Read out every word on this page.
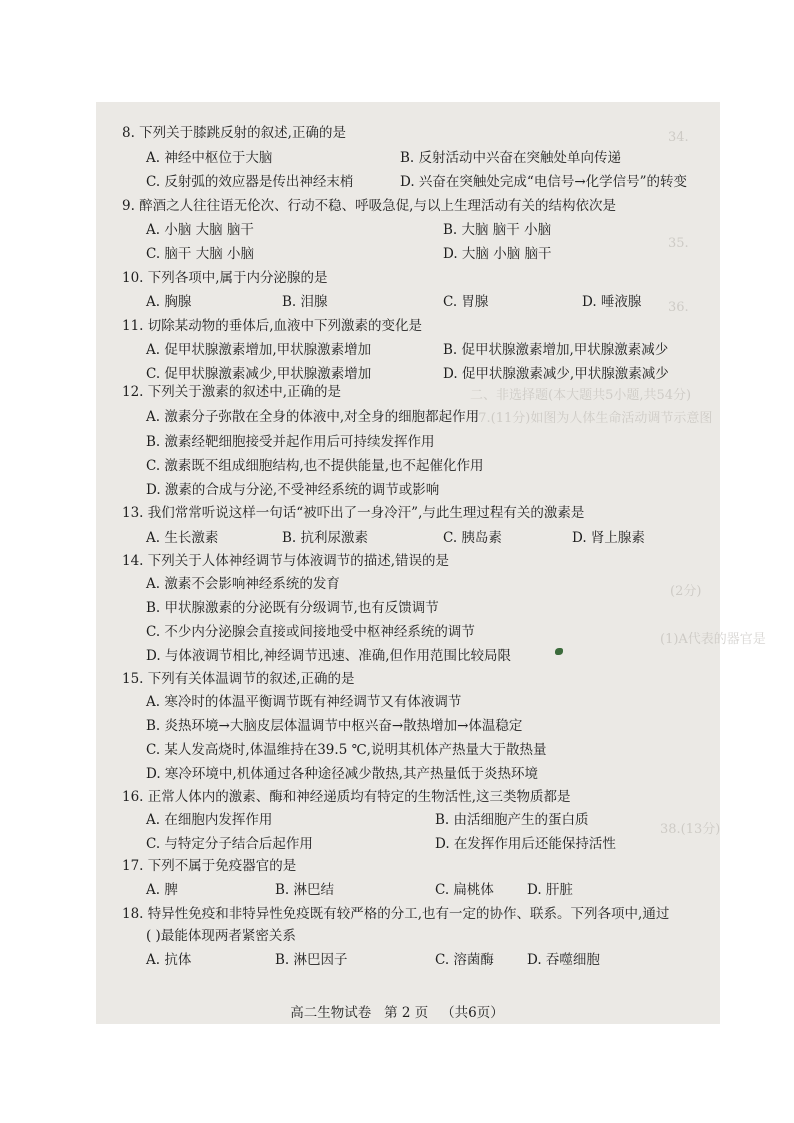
34.
35.
36.
二、非选择题(本大题共5小题,共54分)
37.(11分)如图为人体生命活动调节示意图
(2分)
(1)A代表的器官是
38.(13分)
8. 下列关于膝跳反射的叙述,正确的是
A. 神经中枢位于大脑	B. 反射活动中兴奋在突触处单向传递
C. 反射弧的效应器是传出神经末梢	D. 兴奋在突触处完成“电信号→化学信号”的转变
9. 醉酒之人往往语无伦次、行动不稳、呼吸急促,与以上生理活动有关的结构依次是
A. 小脑 大脑 脑干	B. 大脑 脑干 小脑
C. 脑干 大脑 小脑	D. 大脑 小脑 脑干
10. 下列各项中,属于内分泌腺的是
A. 胸腺	B. 泪腺	C. 胃腺	D. 唾液腺
11. 切除某动物的垂体后,血液中下列激素的变化是
A. 促甲状腺激素增加,甲状腺激素增加	B. 促甲状腺激素增加,甲状腺激素减少
C. 促甲状腺激素减少,甲状腺激素增加	D. 促甲状腺激素减少,甲状腺激素减少
12. 下列关于激素的叙述中,正确的是
A. 激素分子弥散在全身的体液中,对全身的细胞都起作用
B. 激素经靶细胞接受并起作用后可持续发挥作用
C. 激素既不组成细胞结构,也不提供能量,也不起催化作用
D. 激素的合成与分泌,不受神经系统的调节或影响
13. 我们常常听说这样一句话“被吓出了一身冷汗”,与此生理过程有关的激素是
A. 生长激素	B. 抗利尿激素	C. 胰岛素	D. 肾上腺素
14. 下列关于人体神经调节与体液调节的描述,错误的是
A. 激素不会影响神经系统的发育
B. 甲状腺激素的分泌既有分级调节,也有反馈调节
C. 不少内分泌腺会直接或间接地受中枢神经系统的调节
D. 与体液调节相比,神经调节迅速、准确,但作用范围比较局限
15. 下列有关体温调节的叙述,正确的是
A. 寒冷时的体温平衡调节既有神经调节又有体液调节
B. 炎热环境→大脑皮层体温调节中枢兴奋→散热增加→体温稳定
C. 某人发高烧时,体温维持在39.5 ℃,说明其机体产热量大于散热量
D. 寒冷环境中,机体通过各种途径减少散热,其产热量低于炎热环境
16. 正常人体内的激素、酶和神经递质均有特定的生物活性,这三类物质都是
A. 在细胞内发挥作用	B. 由活细胞产生的蛋白质
C. 与特定分子结合后起作用	D. 在发挥作用后还能保持活性
17. 下列不属于免疫器官的是
A. 脾	B. 淋巴结	C. 扁桃体 D. 肝脏
18. 特异性免疫和非特异性免疫既有较严格的分工,也有一定的协作、联系。下列各项中,通过
( )最能体现两者紧密关系
A. 抗体	B. 淋巴因子	C. 溶菌酶 D. 吞噬细胞
高二生物试卷   第 2 页   （共6页）
